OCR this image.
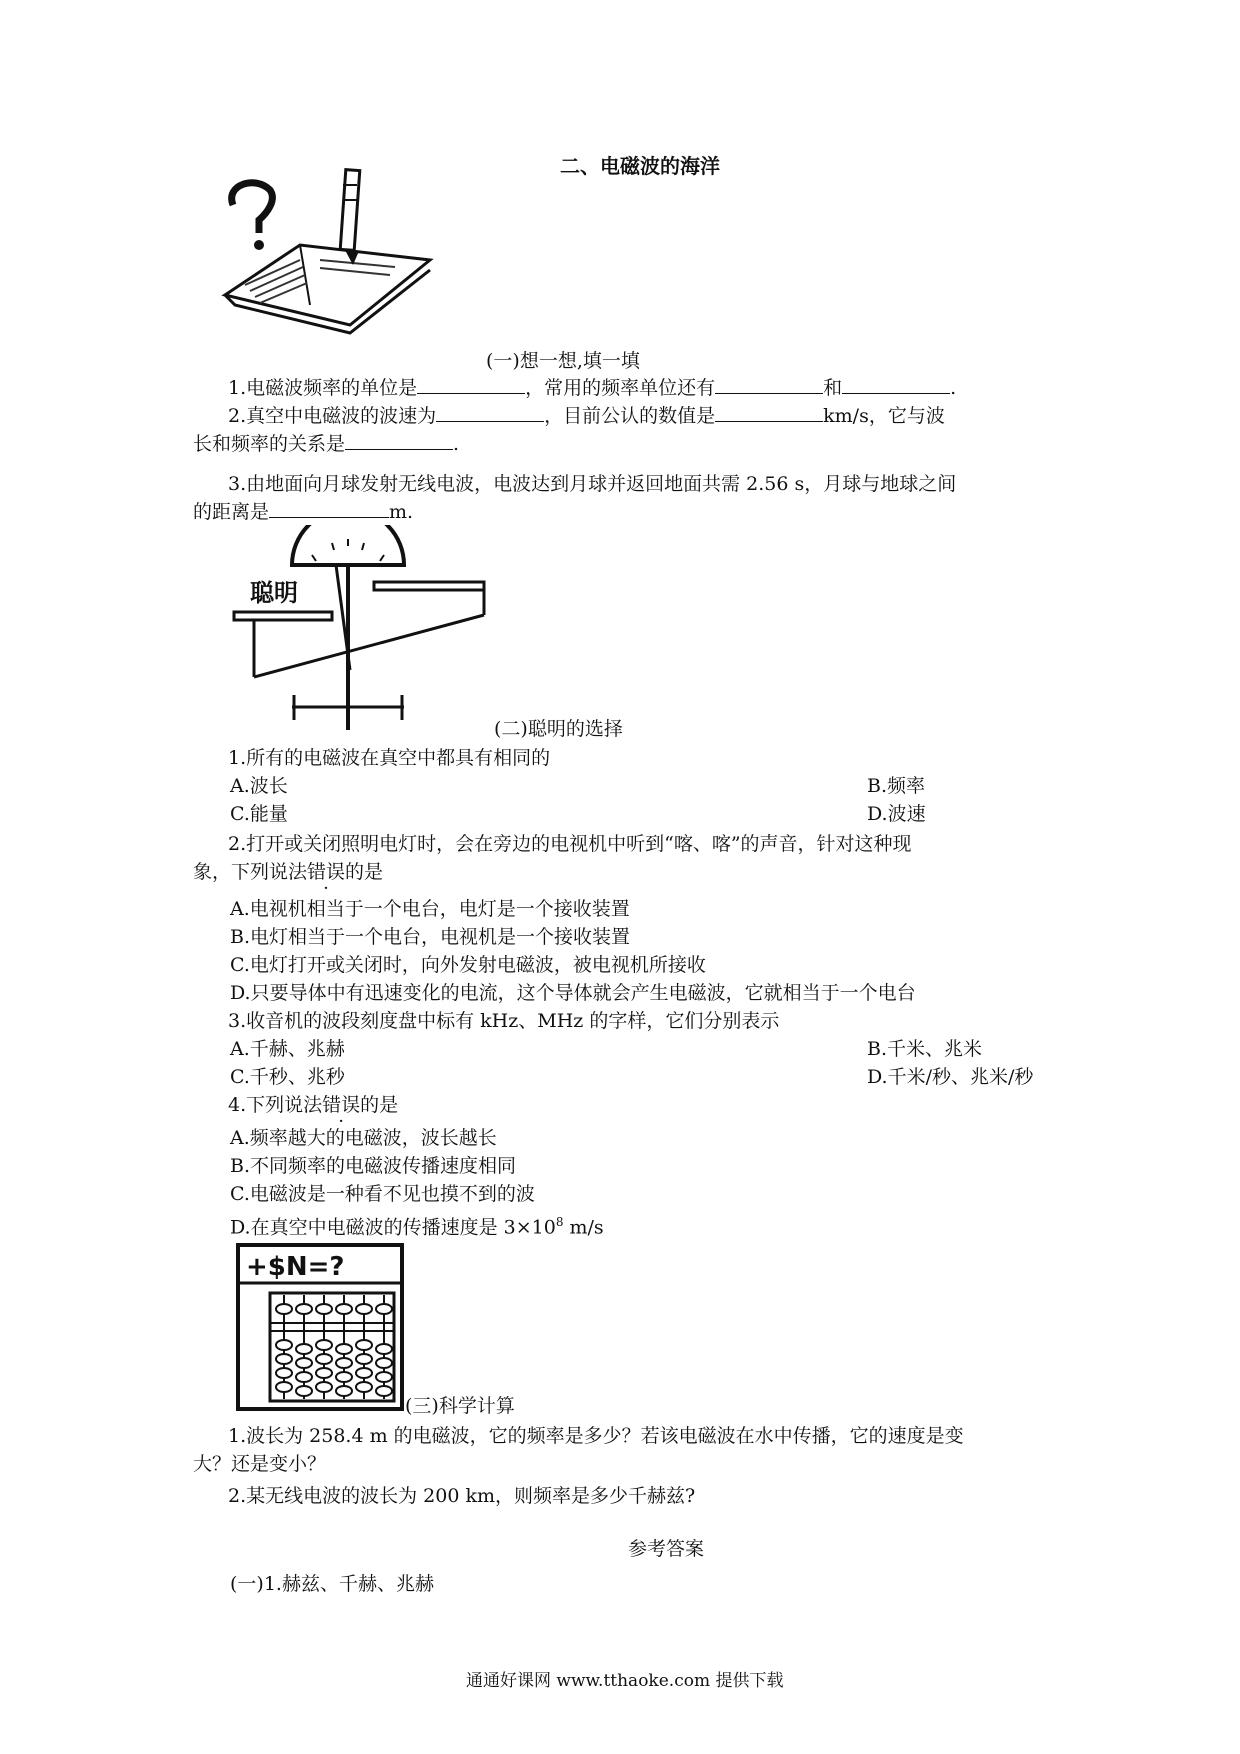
二、电磁波的海洋
(一)想一想,填一填
1.电磁波频率的单位是	，常用的频率单位还有	和	.
2.真空中电磁波的波速为	，目前公认的数值是	km/s，它与波
长和频率的关系是	.
3.由地面向月球发射无线电波，电波达到月球并返回地面共需 2.56 s，月球与地球之间
的距离是	m.
聪明
(二)聪明的选择
1.所有的电磁波在真空中都具有相同的
A.波长	B.频率
C.能量	D.波速
2.打开或关闭照明电灯时，会在旁边的电视机中听到“喀、喀”的声音，针对这种现
象，下列说法错误的是
A.电视机相当于一个电台，电灯是一个接收装置
B.电灯相当于一个电台，电视机是一个接收装置
C.电灯打开或关闭时，向外发射电磁波，被电视机所接收
D.只要导体中有迅速变化的电流，这个导体就会产生电磁波，它就相当于一个电台
3.收音机的波段刻度盘中标有 kHz、MHz 的字样，它们分别表示
A.千赫、兆赫	B.千米、兆米
C.千秒、兆秒	D.千米/秒、兆米/秒
4.下列说法错误的是
A.频率越大的电磁波，波长越长
B.不同频率的电磁波传播速度相同
C.电磁波是一种看不见也摸不到的波
D.在真空中电磁波的传播速度是 $3\times 10^8$ m/s
+$N=?
(三)科学计算
1.波长为 258.4 m 的电磁波，它的频率是多少？若该电磁波在水中传播，它的速度是变
大？还是变小？
2.某无线电波的波长为 200 km，则频率是多少千赫兹?
参考答案
(一)1.赫兹、千赫、兆赫
通通好课网 www.tthaoke.com 提供下载
